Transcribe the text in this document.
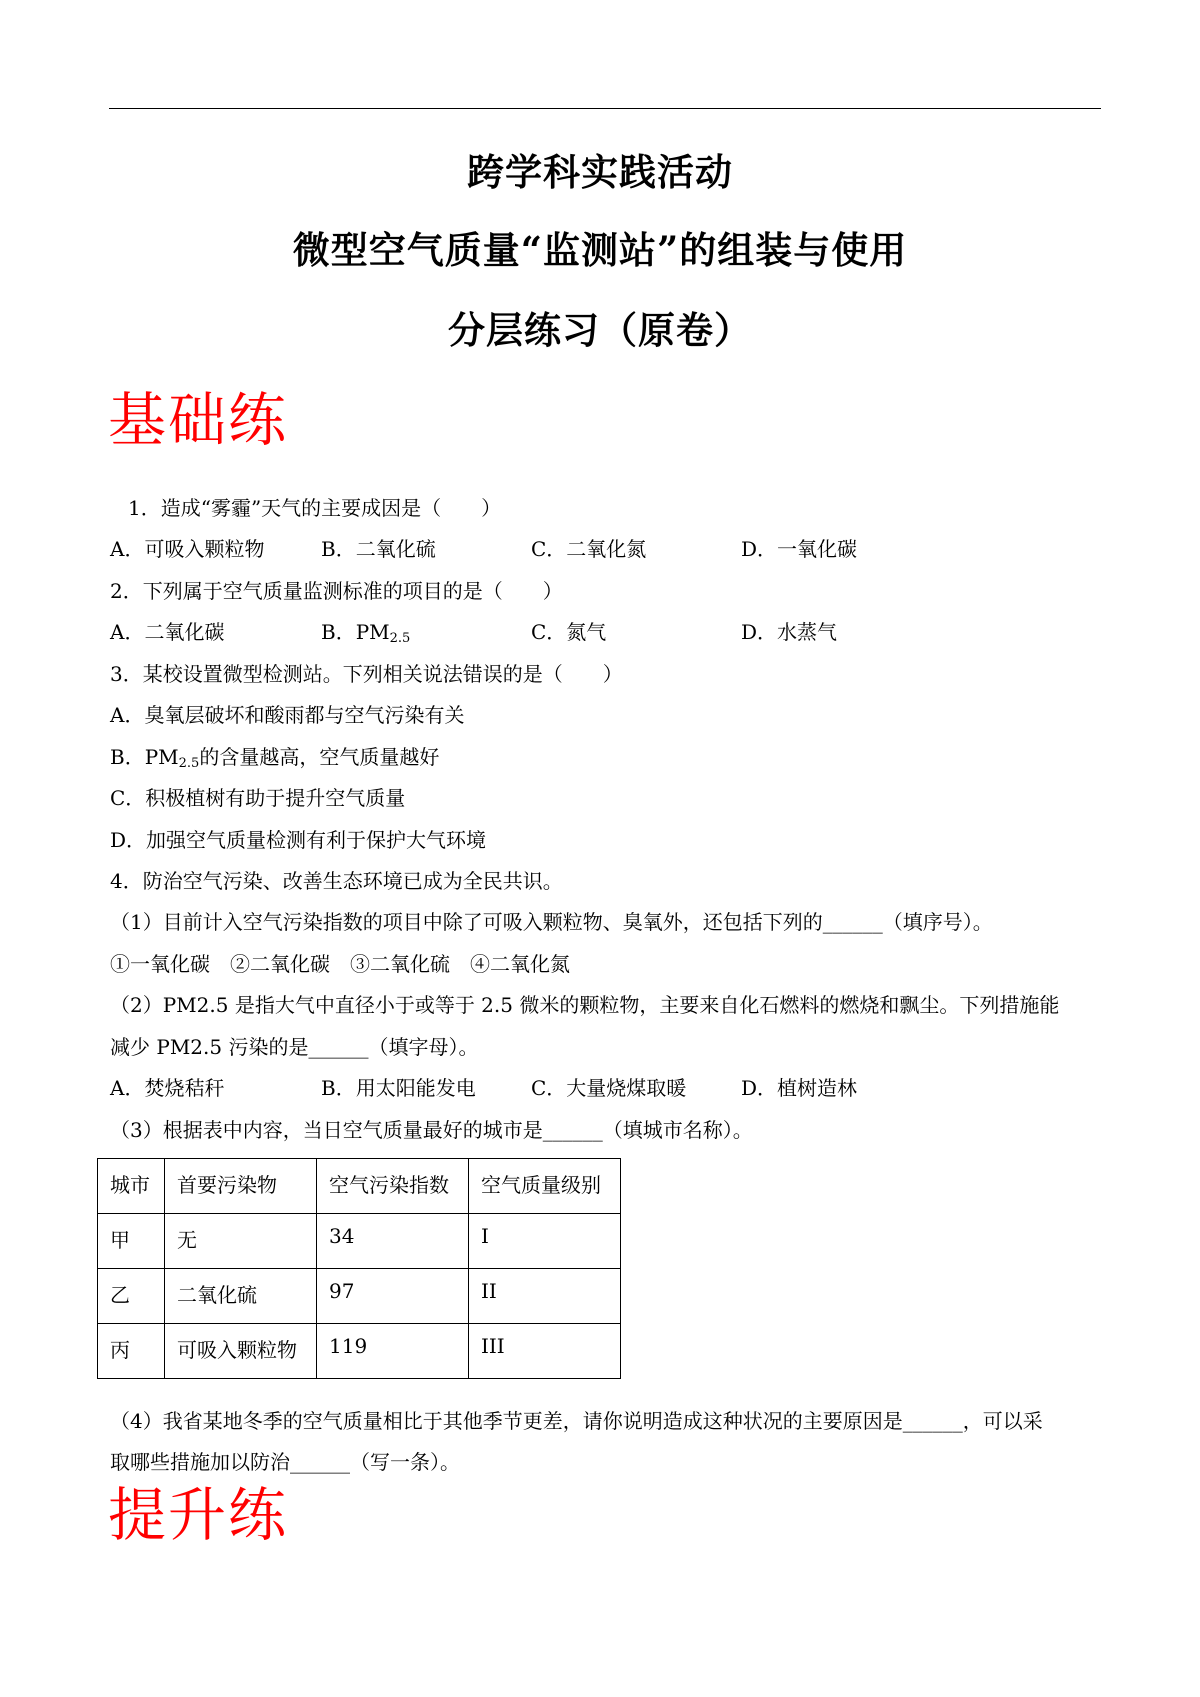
跨学科实践活动
微型空气质量“监测站”的组装与使用
分层练习（原卷）
基础练
1．造成“雾霾”天气的主要成因是（　　）
A．可吸入颗粒物	B．二氧化硫	C．二氧化氮	D．一氧化碳
2．下列属于空气质量监测标准的项目的是（　　）
A．二氧化碳	B．$PM_{2.5}$	C．氮气	D．水蒸气
3．某校设置微型检测站。下列相关说法错误的是（　　）
A．臭氧层破坏和酸雨都与空气污染有关
B．$PM_{2.5}$的含量越高，空气质量越好
C．积极植树有助于提升空气质量
D．加强空气质量检测有利于保护大气环境
4．防治空气污染、改善生态环境已成为全民共识。
（1）目前计入空气污染指数的项目中除了可吸入颗粒物、臭氧外，还包括下列的______（填序号）。
①一氧化碳　②二氧化碳　③二氧化硫　④二氧化氮
（2）PM2.5 是指大气中直径小于或等于 2.5 微米的颗粒物，主要来自化石燃料的燃烧和飘尘。下列措施能
减少 PM2.5 污染的是______（填字母）。
A．焚烧秸秆	B．用太阳能发电	C．大量烧煤取暖	D．植树造林
（3）根据表中内容，当日空气质量最好的城市是______（填城市名称）。
城市	首要污染物	空气污染指数	空气质量级别
甲	无	34	I
乙	二氧化硫	97	II
丙	可吸入颗粒物	119	III
（4）我省某地冬季的空气质量相比于其他季节更差，请你说明造成这种状况的主要原因是______，可以采
取哪些措施加以防治______（写一条）。
提升练
